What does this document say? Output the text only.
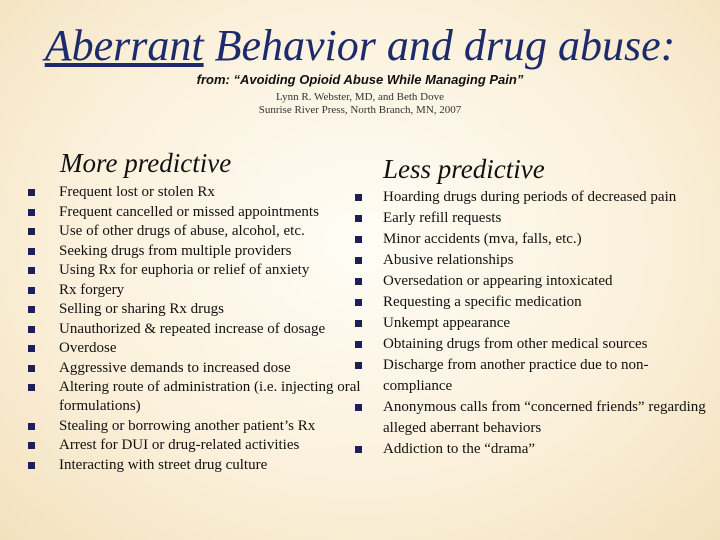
Aberrant Behavior and drug abuse:
from: “Avoiding Opioid Abuse While Managing Pain”
Lynn R. Webster, MD, and Beth Dove
Sunrise River Press, North Branch, MN, 2007
More predictive	Less predictive
Frequent lost or stolen Rx
Frequent cancelled or missed appointments
Use of other drugs of abuse, alcohol, etc.
Seeking drugs from multiple providers
Using Rx for euphoria or relief of anxiety
Rx forgery
Selling or sharing Rx drugs
Unauthorized & repeated increase of dosage
Overdose
Aggressive demands to increased dose
Altering route of administration (i.e. injecting oral formulations)
Stealing or borrowing another patient’s Rx
Arrest for DUI or drug-related activities
Interacting with street drug culture
Hoarding drugs during periods of decreased pain
Early refill requests
Minor accidents (mva, falls, etc.)
Abusive relationships
Oversedation or appearing intoxicated
Requesting a specific medication
Unkempt appearance
Obtaining drugs from other medical sources
Discharge from another practice due to non-compliance
Anonymous calls from “concerned friends” regarding alleged aberrant behaviors
Addiction to the “drama”
